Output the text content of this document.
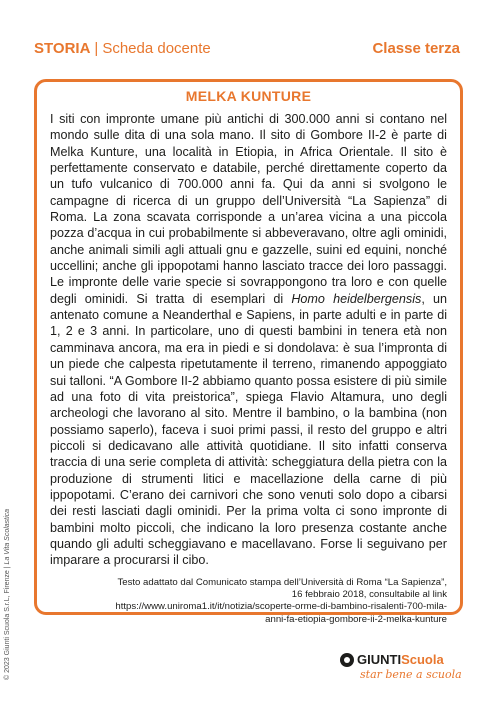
STORIA | Scheda docente	Classe terza
MELKA KUNTURE
I siti con impronte umane più antichi di 300.000 anni si contano nel mondo sulle dita di una sola mano. Il sito di Gombore II-2 è parte di Melka Kunture, una località in Etiopia, in Africa Orientale. Il sito è perfettamente conservato e databile, perché direttamente coperto da un tufo vulcanico di 700.000 anni fa. Qui da anni si svolgono le campagne di ricerca di un gruppo dell’Università “La Sapienza” di Roma. La zona scavata corrisponde a un’area vicina a una piccola pozza d’acqua in cui probabilmente si abbeveravano, oltre agli ominidi, anche animali simili agli attuali gnu e gazzelle, suini ed equini, nonché uccellini; anche gli ippopotami hanno lasciato tracce dei loro passaggi. Le impronte delle varie specie si sovrappongono tra loro e con quelle degli ominidi. Si tratta di esemplari di Homo heidelbergensis, un antenato comune a Neanderthal e Sapiens, in parte adulti e in parte di 1, 2 e 3 anni. In particolare, uno di questi bambini in tenera età non camminava ancora, ma era in piedi e si dondolava: è sua l’impronta di un piede che calpesta ripetutamente il terreno, rimanendo appoggiato sui talloni. “A Gombore II-2 abbiamo quanto possa esistere di più simile ad una foto di vita preistorica”, spiega Flavio Altamura, uno degli archeologi che lavorano al sito. Mentre il bambino, o la bambina (non possiamo saperlo), faceva i suoi primi passi, il resto del gruppo e altri piccoli si dedicavano alle attività quotidiane. Il sito infatti conserva traccia di una serie completa di attività: scheggiatura della pietra con la produzione di strumenti litici e macellazione della carne di più ippopotami. C’erano dei carnivori che sono venuti solo dopo a cibarsi dei resti lasciati dagli ominidi. Per la prima volta ci sono impronte di bambini molto piccoli, che indicano la loro presenza costante anche quando gli adulti scheggiavano e macellavano. Forse li seguivano per imparare a procurarsi il cibo.
Testo adattato dal Comunicato stampa dell’Università di Roma “La Sapienza”,
16 febbraio 2018, consultabile al link
https://www.uniroma1.it/it/notizia/scoperte-orme-di-bambino-risalenti-700-mila-
anni-fa-etiopia-gombore-ii-2-melka-kunture
© 2023 Giunti Scuola S.r.L, Firenze | La Vita Scolastica
GIUNTI Scuola
star bene a scuola
